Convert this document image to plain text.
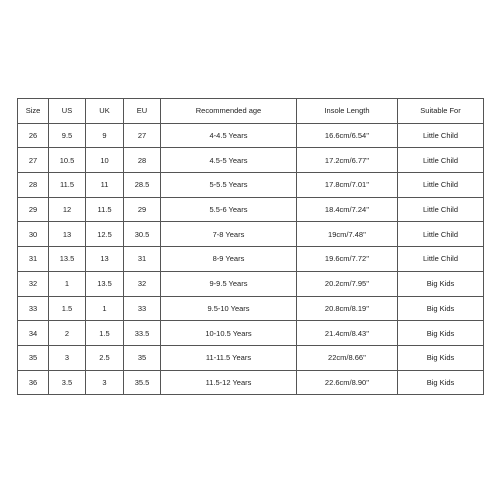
Size	US	UK	EU	Recommended age	Insole Length	Suitable For
26	9.5	9	27	4-4.5 Years	16.6cm/6.54''	Little Child
27	10.5	10	28	4.5-5 Years	17.2cm/6.77''	Little Child
28	11.5	11	28.5	5-5.5 Years	17.8cm/7.01''	Little Child
29	12	11.5	29	5.5-6 Years	18.4cm/7.24''	Little Child
30	13	12.5	30.5	7-8 Years	19cm/7.48''	Little Child
31	13.5	13	31	8-9 Years	19.6cm/7.72''	Little Child
32	1	13.5	32	9-9.5 Years	20.2cm/7.95''	Big Kids
33	1.5	1	33	9.5-10 Years	20.8cm/8.19''	Big Kids
34	2	1.5	33.5	10-10.5 Years	21.4cm/8.43''	Big Kids
35	3	2.5	35	11-11.5 Years	22cm/8.66''	Big Kids
36	3.5	3	35.5	11.5-12 Years	22.6cm/8.90''	Big Kids
